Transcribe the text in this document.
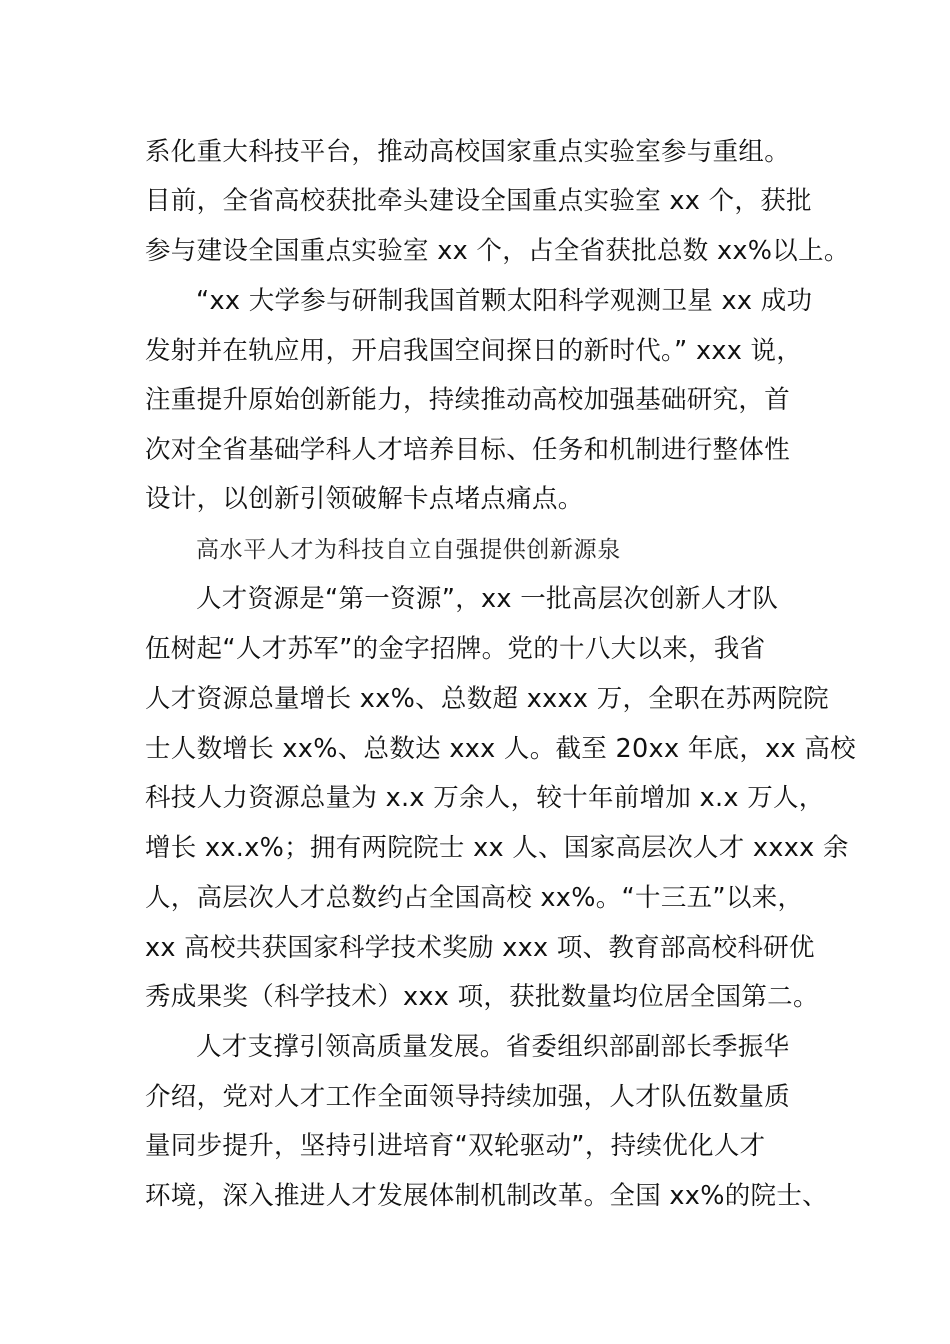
系化重大科技平台，推动高校国家重点实验室参与重组。
目前，全省高校获批牵头建设全国重点实验室 xx 个，获批
参与建设全国重点实验室 xx 个，占全省获批总数 xx%以上。
“xx 大学参与研制我国首颗太阳科学观测卫星 xx 成功
发射并在轨应用，开启我国空间探日的新时代。” xxx 说，
注重提升原始创新能力，持续推动高校加强基础研究，首
次对全省基础学科人才培养目标、任务和机制进行整体性
设计，以创新引领破解卡点堵点痛点。
高水平人才为科技自立自强提供创新源泉
人才资源是“第一资源”，xx 一批高层次创新人才队
伍树起“人才苏军”的金字招牌。党的十八大以来，我省
人才资源总量增长 xx%、总数超 xxxx 万，全职在苏两院院
士人数增长 xx%、总数达 xxx 人。截至 20xx 年底，xx 高校
科技人力资源总量为 x.x 万余人，较十年前增加 x.x 万人，
增长 xx.x%；拥有两院院士 xx 人、国家高层次人才 xxxx 余
人，高层次人才总数约占全国高校 xx%。“十三五”以来，
xx 高校共获国家科学技术奖励 xxx 项、教育部高校科研优
秀成果奖（科学技术）xxx 项，获批数量均位居全国第二。
人才支撑引领高质量发展。省委组织部副部长季振华
介绍，党对人才工作全面领导持续加强，人才队伍数量质
量同步提升，坚持引进培育“双轮驱动”，持续优化人才
环境，深入推进人才发展体制机制改革。全国 xx%的院士、
